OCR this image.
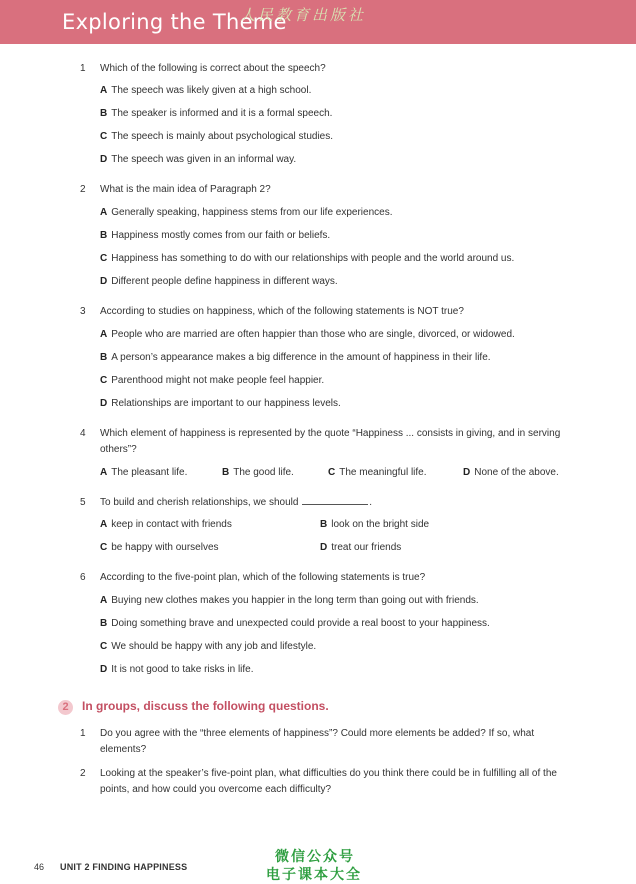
Exploring the Theme
人民教育出版社
1 Which of the following is correct about the speech?
A The speech was likely given at a high school.
B The speaker is informed and it is a formal speech.
C The speech is mainly about psychological studies.
D The speech was given in an informal way.
2 What is the main idea of Paragraph 2?
A Generally speaking, happiness stems from our life experiences.
B Happiness mostly comes from our faith or beliefs.
C Happiness has something to do with our relationships with people and the world around us.
D Different people define happiness in different ways.
3 According to studies on happiness, which of the following statements is NOT true?
A People who are married are often happier than those who are single, divorced, or widowed.
B A person’s appearance makes a big difference in the amount of happiness in their life.
C Parenthood might not make people feel happier.
D Relationships are important to our happiness levels.
4 Which element of happiness is represented by the quote “Happiness ... consists in giving, and in serving others”?
A The pleasant life.	B The good life.	C The meaningful life.	D None of the above.
5 To build and cherish relationships, we should	.
A keep in contact with friends	B look on the bright side
C be happy with ourselves	D treat our friends
6 According to the five-point plan, which of the following statements is true?
A Buying new clothes makes you happier in the long term than going out with friends.
B Doing something brave and unexpected could provide a real boost to your happiness.
C We should be happy with any job and lifestyle.
D It is not good to take risks in life.
2	In groups, discuss the following questions.
1 Do you agree with the “three elements of happiness”? Could more elements be added? If so, what elements?
2 Looking at the speaker’s five-point plan, what difficulties do you think there could be in fulfilling all of the points, and how could you overcome each difficulty?
46 UNIT 2 FINDING HAPPINESS
微信公众号
电子课本大全
